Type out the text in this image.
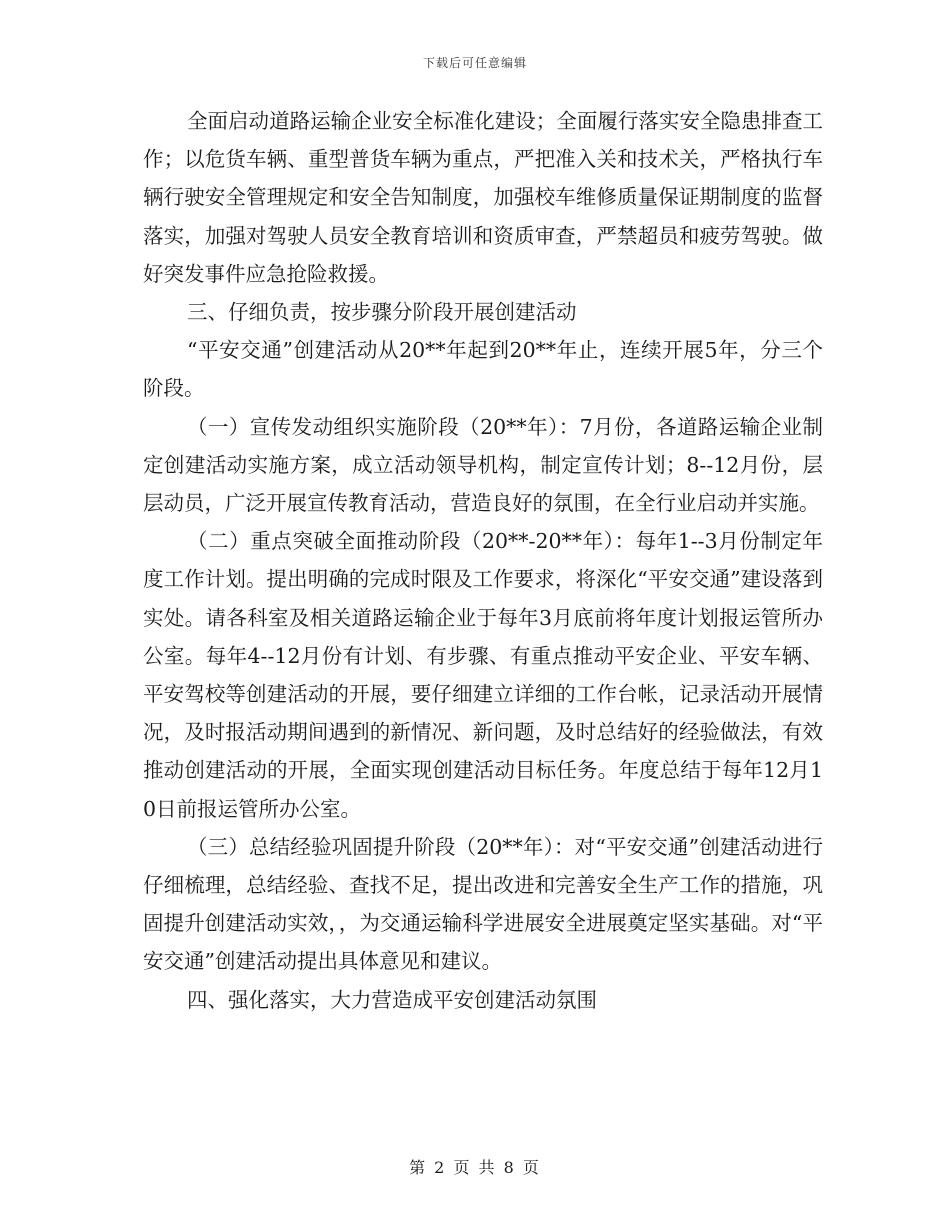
下载后可任意编辑

全面启动道路运输企业安全标准化建设；全面履行落实安全隐患排查工作；以危货车辆、重型普货车辆为重点，严把准入关和技术关，严格执行车辆行驶安全管理规定和安全告知制度，加强校车维修质量保证期制度的监督落实，加强对驾驶人员安全教育培训和资质审查，严禁超员和疲劳驾驶。做好突发事件应急抢险救援。

三、仔细负责，按步骤分阶段开展创建活动

“平安交通”创建活动从20**年起到20**年止，连续开展5年，分三个阶段。

（一）宣传发动组织实施阶段（20**年）：7月份，各道路运输企业制定创建活动实施方案，成立活动领导机构，制定宣传计划；8--12月份，层层动员，广泛开展宣传教育活动，营造良好的氛围，在全行业启动并实施。

（二）重点突破全面推动阶段（20**-20**年）：每年1--3月份制定年度工作计划。提出明确的完成时限及工作要求，将深化“平安交通”建设落到实处。请各科室及相关道路运输企业于每年3月底前将年度计划报运管所办公室。每年4--12月份有计划、有步骤、有重点推动平安企业、平安车辆、平安驾校等创建活动的开展，要仔细建立详细的工作台帐，记录活动开展情况，及时报活动期间遇到的新情况、新问题，及时总结好的经验做法，有效推动创建活动的开展，全面实现创建活动目标任务。年度总结于每年12月10日前报运管所办公室。

（三）总结经验巩固提升阶段（20**年）：对“平安交通”创建活动进行仔细梳理，总结经验、查找不足，提出改进和完善安全生产工作的措施，巩固提升创建活动实效，，为交通运输科学进展安全进展奠定坚实基础。对“平安交通”创建活动提出具体意见和建议。

四、强化落实，大力营造成平安创建活动氛围

第 2 页 共 8 页
